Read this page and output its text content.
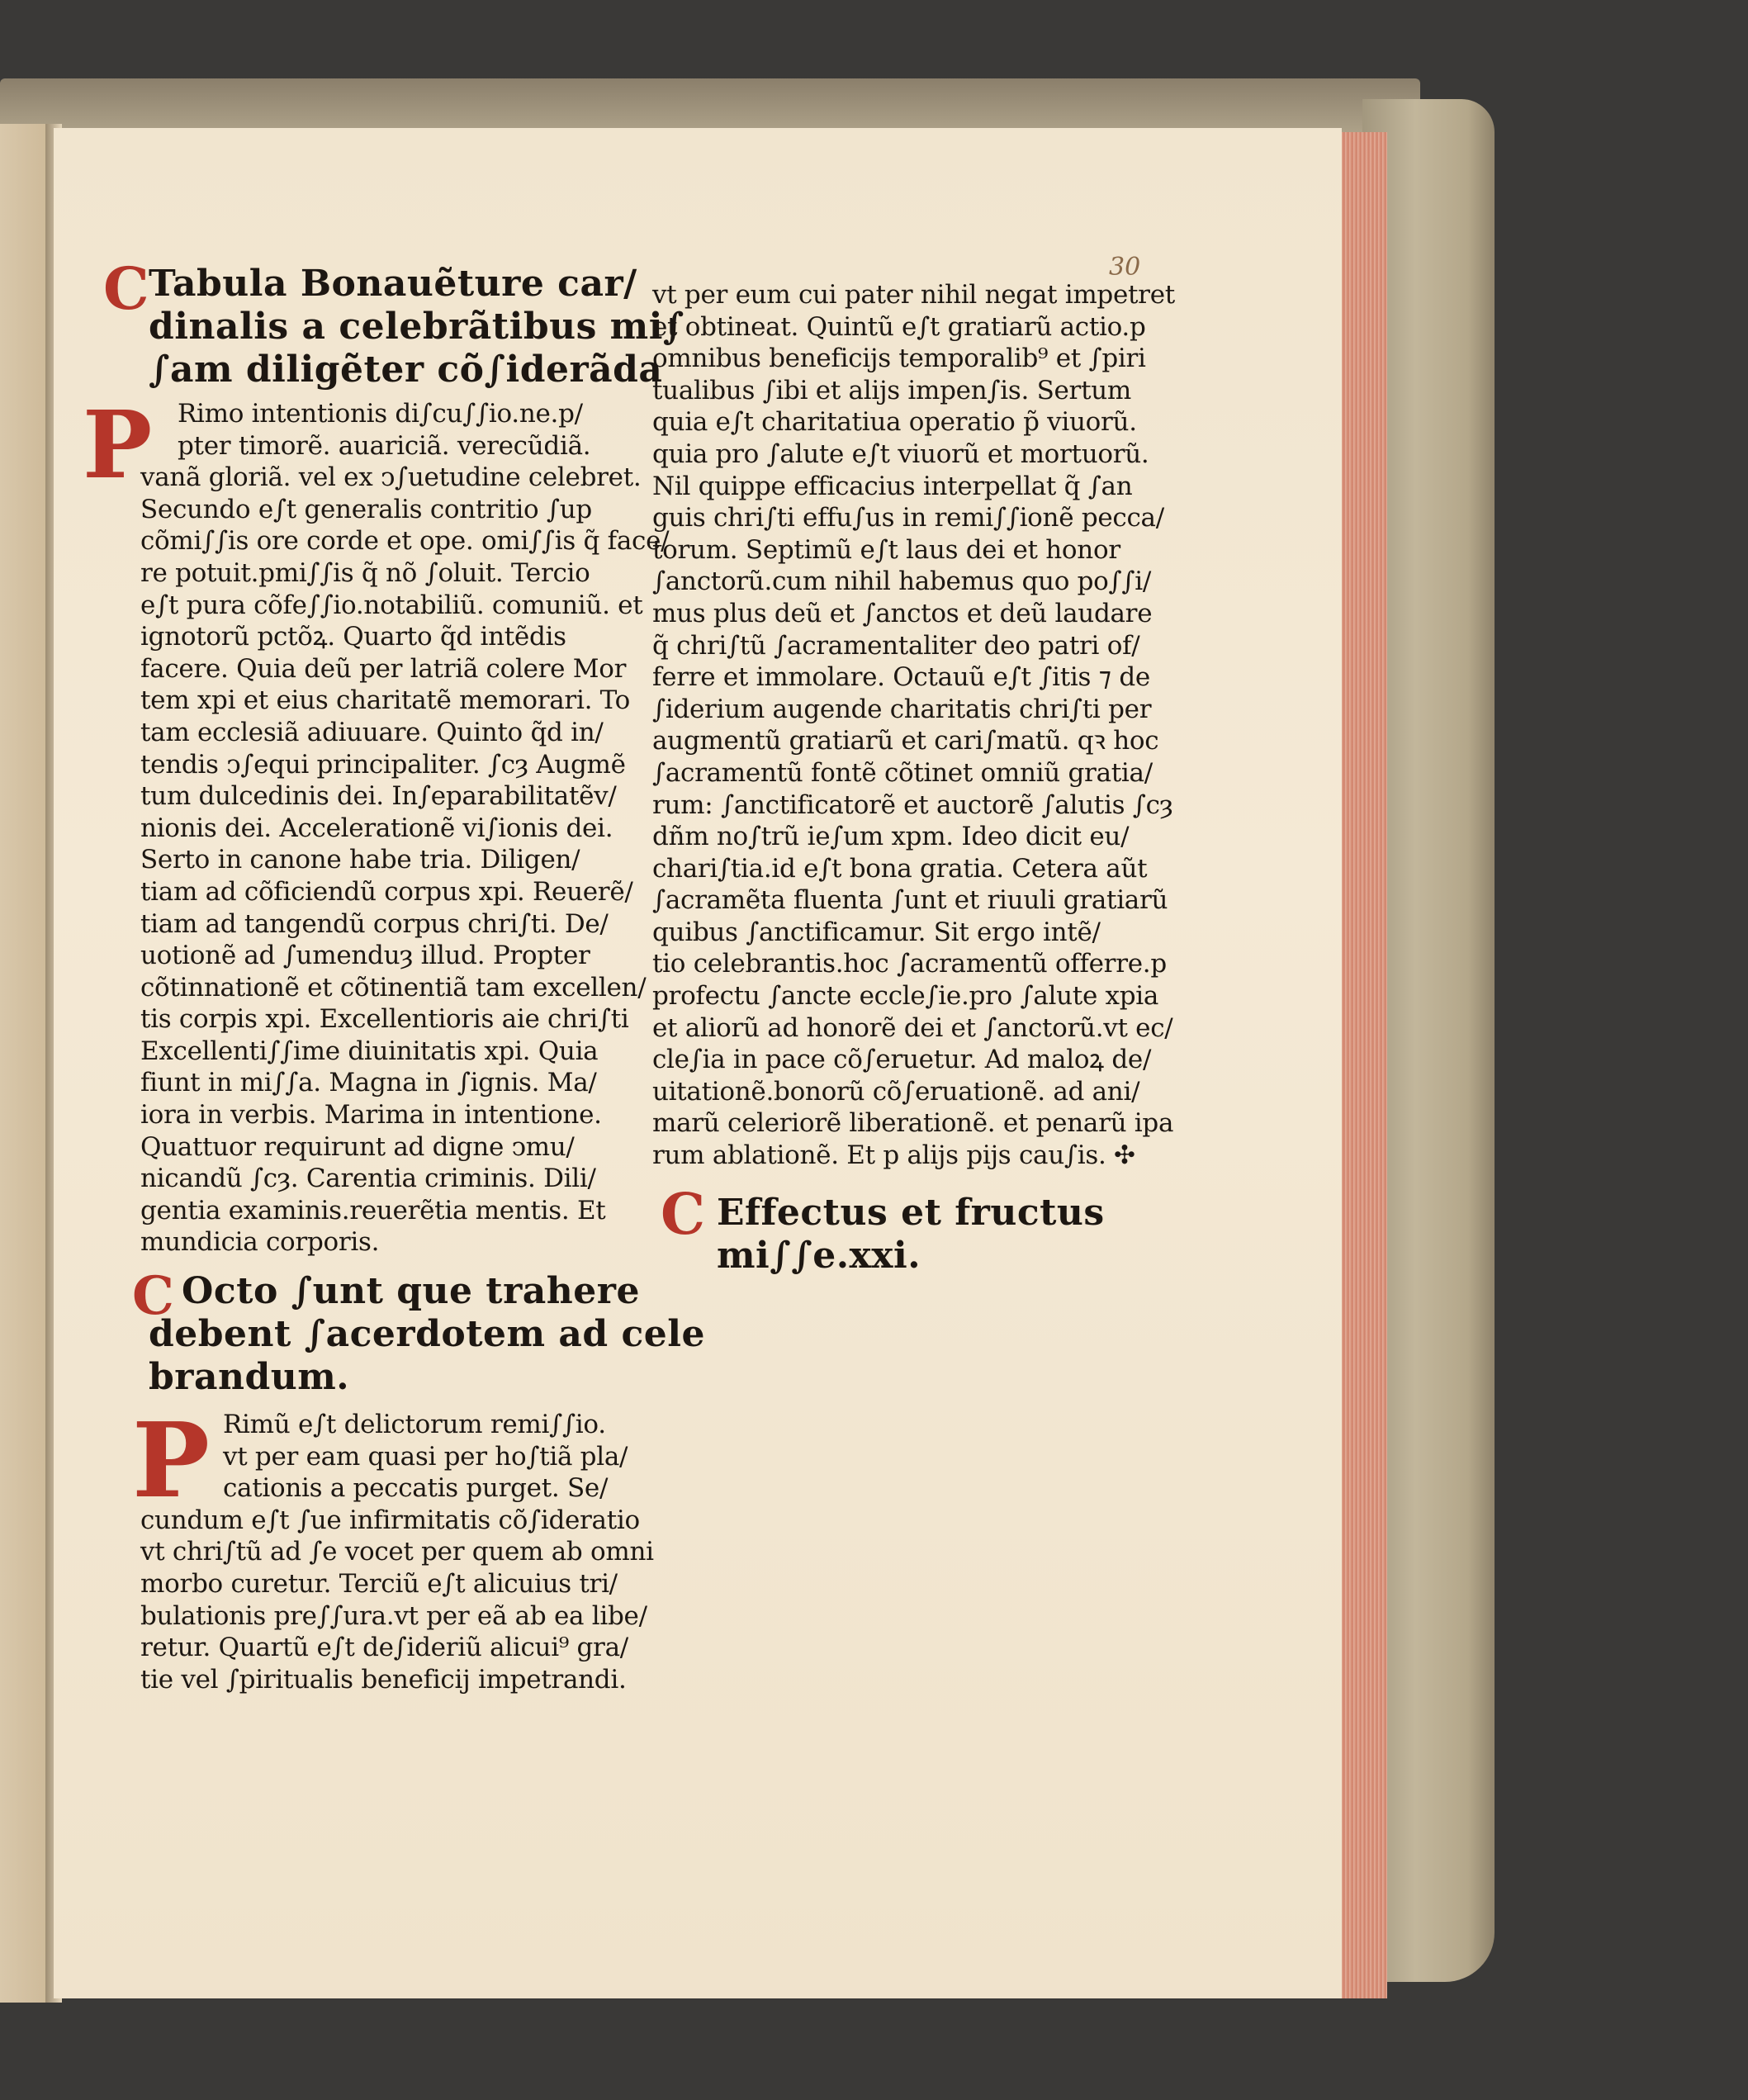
30
C Tabula Bonauẽture car/
dinalis a celebrãtibus mi∫
∫am diligẽter cõ∫iderãda
P Rimo intentionis di∫cu∫∫io.ne.p/
pter timorẽ. auariciã. verecũdiã.
vanã gloriã. vel ex ↄ∫uetudine celebret.
Secundo e∫t generalis contritio ∫up
cõmi∫∫is ore corde et ope. omi∫∫is q̃ face/
re potuit.pmi∫∫is q̃ nõ ∫oluit. Tercio
e∫t pura cõfe∫∫io.notabiliũ. comuniũ. et
ignotorũ pctõꝝ. Quarto q̃d intẽdis
facere. Quia deũ per latriã colere Mor
tem xpi et eius charitatẽ memorari. To
tam ecclesiã adiuuare. Quinto q̃d in/
tendis ↄ∫equi principaliter. ∫cȝ Augmẽ
tum dulcedinis dei. In∫eparabilitatẽv/
nionis dei. Accelerationẽ vi∫ionis dei.
Serto in canone habe tria. Diligen/
tiam ad cõficiendũ corpus xpi. Reuerẽ/
tiam ad tangendũ corpus chri∫ti. De/
uotionẽ ad ∫umenduȝ illud. Propter
cõtinnationẽ et cõtinentiã tam excellen/
tis corpis xpi. Excellentioris aie chri∫ti
Excellenti∫∫ime diuinitatis xpi. Quia
fiunt in mi∫∫a. Magna in ∫ignis. Ma/
iora in verbis. Marima in intentione.
Quattuor requirunt ad digne ↄmu/
nicandũ ∫cȝ. Carentia criminis. Dili/
gentia examinis.reuerẽtia mentis. Et
mundicia corporis.
C Octo ∫unt que trahere
debent ∫acerdotem ad cele
brandum.
P Rimũ e∫t delictorum remi∫∫io.
vt per eam quasi per ho∫tiã pla/
cationis a peccatis purget. Se/
cundum e∫t ∫ue infirmitatis cõ∫ideratio
vt chri∫tũ ad ∫e vocet per quem ab omni
morbo curetur. Terciũ e∫t alicuius tri/
bulationis pre∫∫ura.vt per eã ab ea libe/
retur. Quartũ e∫t de∫ideriũ alicui⁹ gra/
tie vel ∫piritualis beneficij impetrandi.
vt per eum cui pater nihil negat impetret
et obtineat. Quintũ e∫t gratiarũ actio.p
omnibus beneficijs temporalib⁹ et ∫piri
tualibus ∫ibi et alijs impen∫is. Sertum
quia e∫t charitatiua operatio p̃ viuorũ.
quia pro ∫alute e∫t viuorũ et mortuorũ.
Nil quippe efficacius interpellat q̃ ∫an
guis chri∫ti effu∫us in remi∫∫ionẽ pecca/
torum. Septimũ e∫t laus dei et honor
∫anctorũ.cum nihil habemus quo po∫∫i/
mus plus deũ et ∫anctos et deũ laudare
q̃ chri∫tũ ∫acramentaliter deo patri of/
ferre et immolare. Octauũ e∫t ∫itis ⁊ de
∫iderium augende charitatis chri∫ti per
augmentũ gratiarũ et cari∫matũ. qꝛ hoc
∫acramentũ fontẽ cõtinet omniũ gratia/
rum: ∫anctificatorẽ et auctorẽ ∫alutis ∫cȝ
dñm no∫trũ ie∫um xpm. Ideo dicit eu/
chari∫tia.id e∫t bona gratia. Cetera aũt
∫acramẽta fluenta ∫unt et riuuli gratiarũ
quibus ∫anctificamur. Sit ergo intẽ/
tio celebrantis.hoc ∫acramentũ offerre.p
profectu ∫ancte eccle∫ie.pro ∫alute xpia
et aliorũ ad honorẽ dei et ∫anctorũ.vt ec/
cle∫ia in pace cõ∫eruetur. Ad maloꝝ de/
uitationẽ.bonorũ cõ∫eruationẽ. ad ani/
marũ celeriorẽ liberationẽ. et penarũ ipa
rum ablationẽ. Et p alijs pijs cau∫is. ✣
C Effectus et fructus
mi∫∫e.xxi.
